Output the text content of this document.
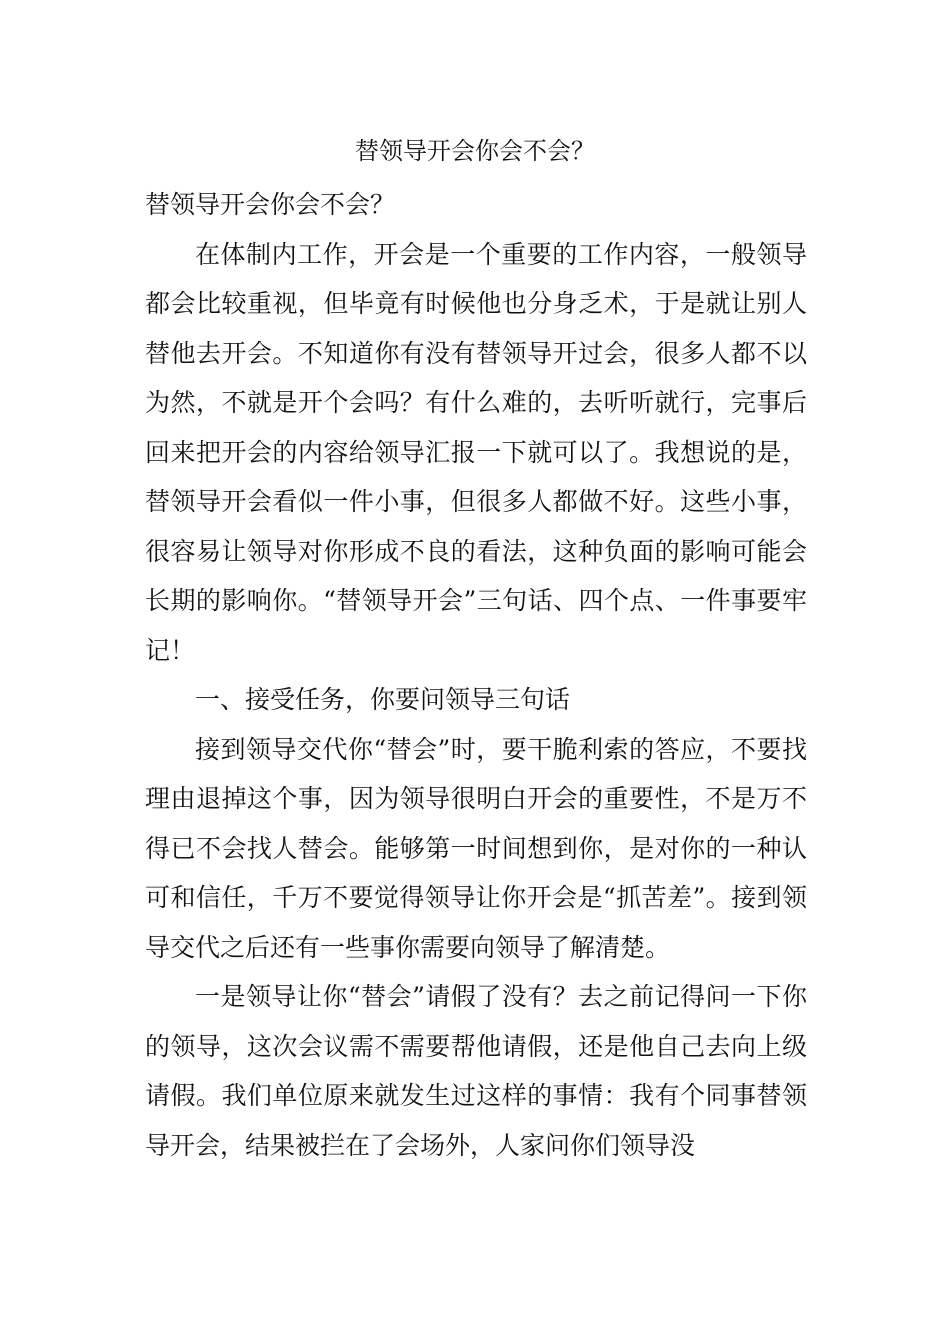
替领导开会你会不会？

替领导开会你会不会？

在体制内工作，开会是一个重要的工作内容，一般领导都会比较重视，但毕竟有时候他也分身乏术，于是就让别人替他去开会。不知道你有没有替领导开过会，很多人都不以为然，不就是开个会吗？有什么难的，去听听就行，完事后回来把开会的内容给领导汇报一下就可以了。我想说的是，替领导开会看似一件小事，但很多人都做不好。这些小事，很容易让领导对你形成不良的看法，这种负面的影响可能会长期的影响你。“替领导开会”三句话、四个点、一件事要牢记！

一、接受任务，你要问领导三句话

接到领导交代你“替会”时，要干脆利索的答应，不要找理由退掉这个事，因为领导很明白开会的重要性，不是万不得已不会找人替会。能够第一时间想到你，是对你的一种认可和信任，千万不要觉得领导让你开会是“抓苦差”。接到领导交代之后还有一些事你需要向领导了解清楚。

一是领导让你“替会”请假了没有？去之前记得问一下你的领导，这次会议需不需要帮他请假，还是他自己去向上级请假。我们单位原来就发生过这样的事情：我有个同事替领导开会，结果被拦在了会场外，人家问你们领导没
